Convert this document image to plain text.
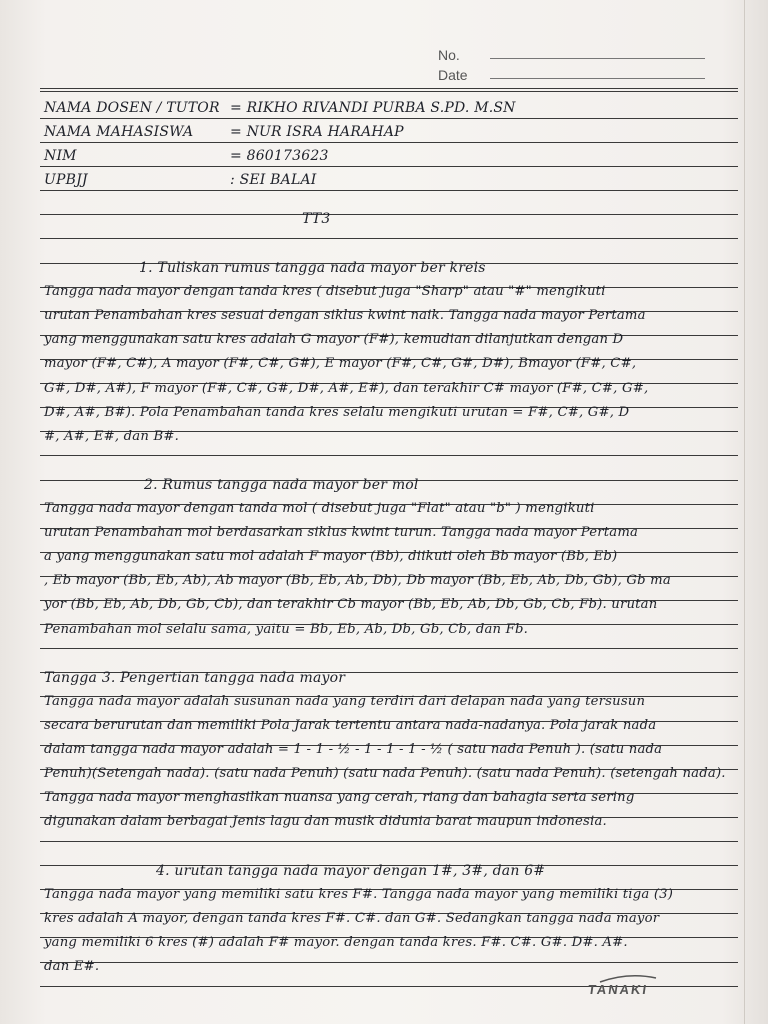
No.
Date
NAMA DOSEN / TUTOR = RIKHO RIVANDI PURBA S.PD. M.SN
NAMA MAHASISWA	= NUR ISRA HARAHAP
NIM	= 860173623
UPBJJ	: SEI BALAI
TT3
1. Tuliskan rumus tangga nada mayor ber kreis
Tangga nada mayor dengan tanda kres ( disebut juga "Sharp" atau "#" mengikuti
urutan Penambahan kres sesuai dengan siklus kwint naik. Tangga nada mayor Pertama
yang menggunakan satu kres adalah G mayor (F#), kemudian dilanjutkan dengan D
mayor (F#, C#), A mayor (F#, C#, G#), E mayor (F#, C#, G#, D#), Bmayor (F#, C#,
G#, D#, A#), F mayor (F#, C#, G#, D#, A#, E#), dan terakhir C# mayor (F#, C#, G#,
D#, A#, B#). Pola Penambahan tanda kres selalu mengikuti urutan = F#, C#, G#, D
#, A#, E#, dan B#.
2. Rumus tangga nada mayor ber mol
Tangga nada mayor dengan tanda mol ( disebut juga "Flat" atau "b" ) mengikuti
urutan Penambahan mol berdasarkan siklus kwint turun. Tangga nada mayor Pertama
a yang menggunakan satu mol adalah F mayor (Bb), diikuti oleh Bb mayor (Bb, Eb)
, Eb mayor (Bb, Eb, Ab), Ab mayor (Bb, Eb, Ab, Db), Db mayor (Bb, Eb, Ab, Db, Gb), Gb ma
yor (Bb, Eb, Ab, Db, Gb, Cb), dan terakhir Cb mayor (Bb, Eb, Ab, Db, Gb, Cb, Fb). urutan
Penambahan mol selalu sama, yaitu = Bb, Eb, Ab, Db, Gb, Cb, dan Fb.
Tangga 3. Pengertian tangga nada mayor
Tangga nada mayor adalah susunan nada yang terdiri dari delapan nada yang tersusun
secara berurutan dan memiliki Pola Jarak tertentu antara nada-nadanya. Pola jarak nada
dalam tangga nada mayor adalah = 1 - 1 - ½ - 1 - 1 - 1 - ½ ( satu nada Penuh ). (satu nada
Penuh)(Setengah nada). (satu nada Penuh) (satu nada Penuh). (satu nada Penuh). (setengah nada).
Tangga nada mayor menghasilkan nuansa yang cerah, riang dan bahagia serta sering
digunakan dalam berbagai Jenis lagu dan musik didunia barat maupun indonesia.
4. urutan tangga nada mayor dengan 1#, 3#, dan 6#
Tangga nada mayor yang memiliki satu kres F#. Tangga nada mayor yang memiliki tiga (3)
kres adalah A mayor, dengan tanda kres F#. C#. dan G#. Sedangkan tangga nada mayor
yang memiliki 6 kres (#) adalah F# mayor. dengan tanda kres. F#. C#. G#. D#. A#.
dan E#.
TANAKI
